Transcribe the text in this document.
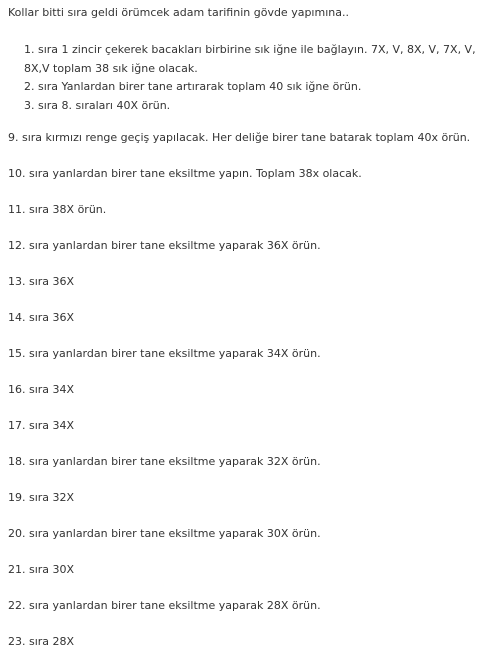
Kollar bitti sıra geldi örümcek adam tarifinin gövde yapımına..
1. sıra 1 zincir çekerek bacakları birbirine sık iğne ile bağlayın. 7X, V, 8X, V, 7X, V, 8X,V toplam 38 sık iğne olacak.
2. sıra Yanlardan birer tane artırarak toplam 40 sık iğne örün.
3. sıra 8. sıraları 40X örün.
9. sıra kırmızı renge geçiş yapılacak. Her deliğe birer tane batarak toplam 40x örün.
10. sıra yanlardan birer tane eksiltme yapın. Toplam 38x olacak.
11. sıra 38X örün.
12. sıra yanlardan birer tane eksiltme yaparak 36X örün.
13. sıra 36X
14. sıra 36X
15. sıra yanlardan birer tane eksiltme yaparak 34X örün.
16. sıra 34X
17. sıra 34X
18. sıra yanlardan birer tane eksiltme yaparak 32X örün.
19. sıra 32X
20. sıra yanlardan birer tane eksiltme yaparak 30X örün.
21. sıra 30X
22. sıra yanlardan birer tane eksiltme yaparak 28X örün.
23. sıra 28X
